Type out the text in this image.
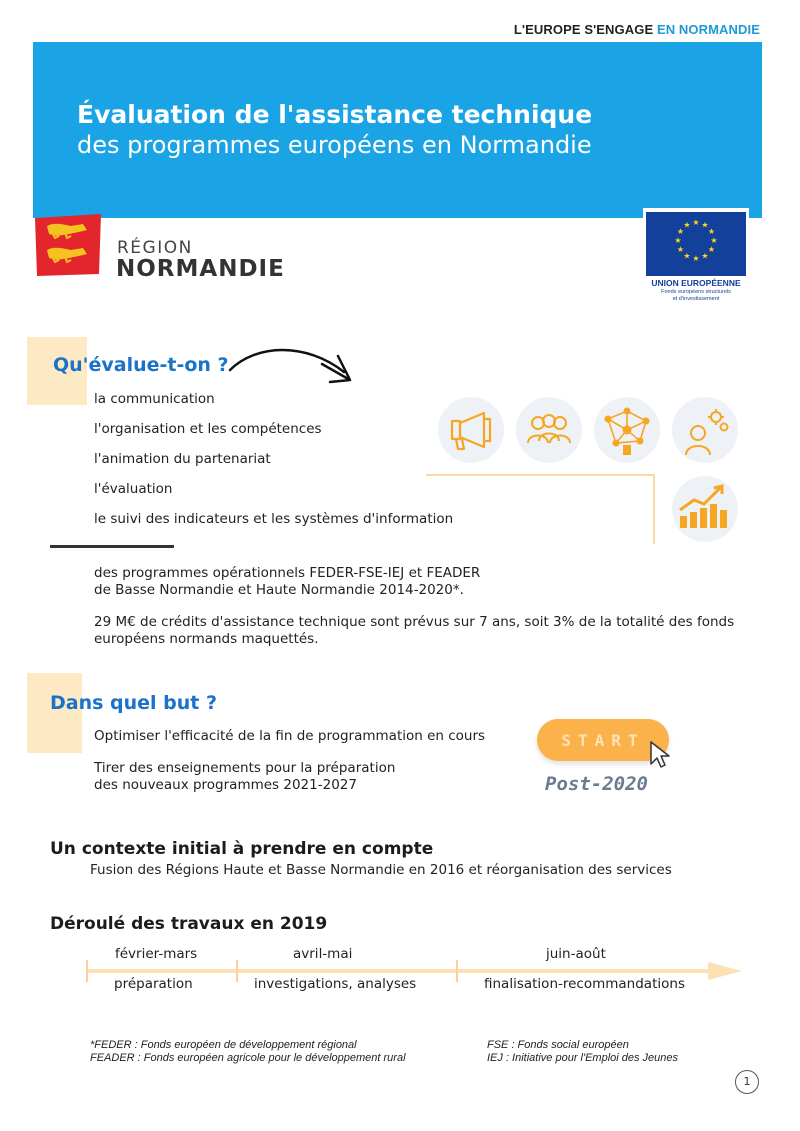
L'EUROPE S'ENGAGE EN NORMANDIE
Évaluation de l'assistance technique
des programmes européens en Normandie
RÉGION
NORMANDIE
★ ★
★
★
★
★
★
★
★
★
★
★
UNION EUROPÉENNE
Fonds européens structurels
et d'investissement
Qu'évalue-t-on ?
la communication
l'organisation et les compétences
l'animation du partenariat
l'évaluation
le suivi des indicateurs et les systèmes d'information
des programmes opérationnels FEDER-FSE-IEJ et FEADER
de Basse Normandie et Haute Normandie 2014-2020*.
29 M€ de crédits d'assistance technique sont prévus sur 7 ans, soit 3% de la totalité des fonds
européens normands maquettés.
Dans quel but ?
Optimiser l'efficacité de la fin de programmation en cours
Tirer des enseignements pour la préparation
des nouveaux programmes 2021-2027
START
Post-2020
Un contexte initial à prendre en compte
Fusion des Régions Haute et Basse Normandie en 2016 et réorganisation des services
Déroulé des travaux en 2019
février-mars	avril-mai	juin-août
préparation	investigations, analyses	finalisation-recommandations
*FEDER : Fonds européen de développement régional
FEADER : Fonds européen agricole pour le développement rural
FSE : Fonds social européen
IEJ : Initiative pour l'Emploi des Jeunes
1
